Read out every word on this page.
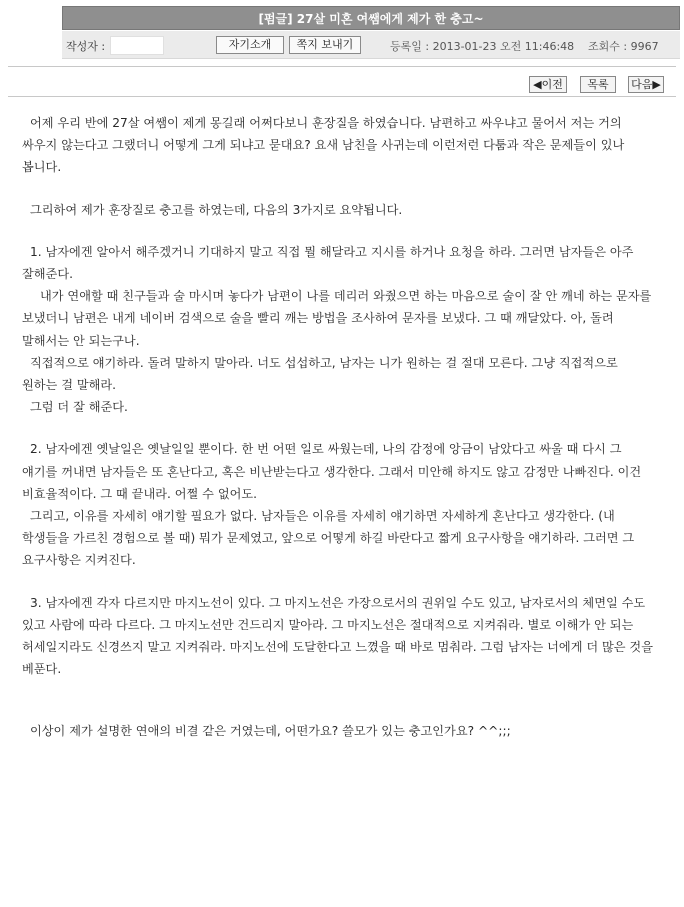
[펌글] 27살 미혼 여쌤에게 제가 한 충고~
작성자 :	자기소개	쪽지 보내기	등록일 : 2013-01-23 오전 11:46:48 조회수 : 9967
◀이전	목록	다음▶

어제 우리 반에 27살 여쌤이 제게 몽길래 어쩌다보니 훈장질을 하였습니다. 남편하고 싸우냐고 물어서 저는 거의 싸우지 않는다고 그랬더니 어떻게 그게 되냐고 묻대요? 요새 남친을 사귀는데 이런저런 다툼과 작은 문제들이 있나 봅니다.

그리하여 제가 훈장질로 충고를 하였는데, 다음의 3가지로 요약됩니다.

1. 남자에겐 알아서 해주겠거니 기대하지 말고 직접 뭘 해달라고 지시를 하거나 요청을 하라. 그러면 남자들은 아주 잘해준다.

내가 연애할 때 친구들과 술 마시며 놓다가 남편이 나를 데리러 와줬으면 하는 마음으로 술이 잘 안 깨네 하는 문자를 보냈더니 남편은 내게 네이버 검색으로 술을 빨리 깨는 방법을 조사하여 문자를 보냈다. 그 때 깨달았다. 아, 돌려 말해서는 안 되는구나.

직접적으로 얘기하라. 돌려 말하지 말아라. 너도 섭섭하고, 남자는 니가 원하는 걸 절대 모른다. 그냥 직접적으로 원하는 걸 말해라.

그럼 더 잘 해준다.

2. 남자에겐 옛날일은 옛날일일 뿐이다. 한 번 어떤 일로 싸웠는데, 나의 감정에 앙금이 남았다고 싸울 때 다시 그 얘기를 꺼내면 남자들은 또 혼난다고, 혹은 비난받는다고 생각한다. 그래서 미안해 하지도 않고 감정만 나빠진다. 이건 비효율적이다. 그 때 끝내라. 어쩔 수 없어도.

그리고, 이유를 자세히 얘기할 필요가 없다. 남자들은 이유를 자세히 얘기하면 자세하게 혼난다고 생각한다. (내 학생들을 가르친 경험으로 볼 때) 뭐가 문제였고, 앞으로 어떻게 하길 바란다고 짧게 요구사항을 얘기하라. 그러면 그 요구사항은 지켜진다.

3. 남자에겐 각자 다르지만 마지노선이 있다. 그 마지노선은 가장으로서의 권위일 수도 있고, 남자로서의 체면일 수도 있고 사람에 따라 다르다. 그 마지노선만 건드리지 말아라. 그 마지노선은 절대적으로 지켜줘라. 별로 이해가 안 되는 허세일지라도 신경쓰지 말고 지켜줘라. 마지노선에 도달한다고 느꼈을 때 바로 멈춰라. 그럼 남자는 너에게 더 많은 것을 베푼다.

이상이 제가 설명한 연애의 비결 같은 거였는데, 어떤가요? 쓸모가 있는 충고인가요? ^^;;;
